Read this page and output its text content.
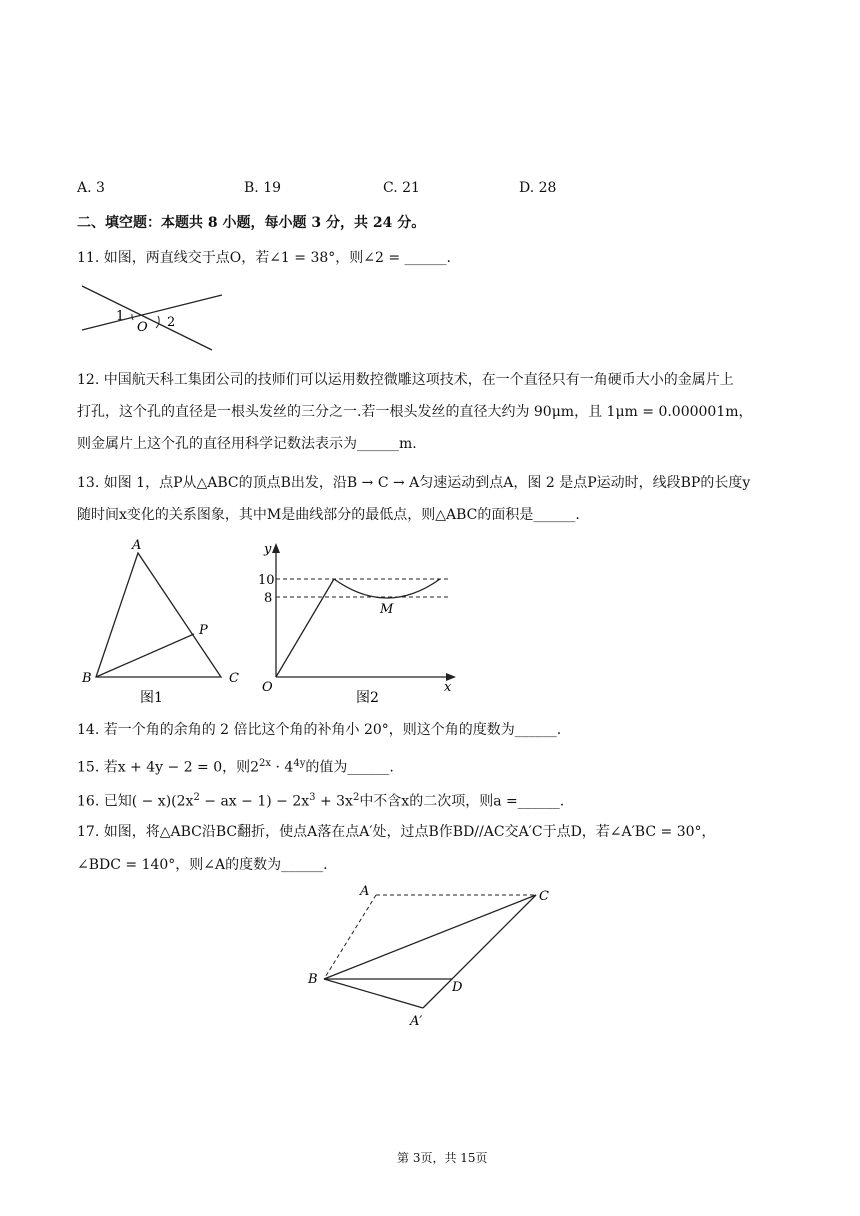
A. 3	B. 19	C. 21	D. 28
二、填空题：本题共 8 小题，每小题 3 分，共 24 分。
11. 如图，两直线交于点O，若∠1 = 38°，则∠2 = ______.
1
O 2
12. 中国航天科工集团公司的技师们可以运用数控微雕这项技术，在一个直径只有一角硬币大小的金属片上
打孔，这个孔的直径是一根头发丝的三分之一.若一根头发丝的直径大约为 90μm，且 1μm = 0.000001m，
则金属片上这个孔的直径用科学记数法表示为______m.
13. 如图 1，点P从△ABC的顶点B出发，沿B → C → A匀速运动到点A，图 2 是点P运动时，线段BP的长度y
随时间x变化的关系图象，其中M是曲线部分的最低点，则△ABC的面积是______.
A
B	C
P
图1
y
x
O
10
8
M
图2
14. 若一个角的余角的 2 倍比这个角的补角小 20°，则这个角的度数为______.
15. 若x + 4y − 2 = 0，则$2^{2x} \cdot 4^{4y}$的值为______.
16. 已知( − $x)(2x^2$ − ax − $1) - 2x^3 + 3x^2$中不含x的二次项，则a =______.
17. 如图，将△ABC沿BC翻折，使点A落在点A′处，过点B作BD//AC交A′C于点D，若∠A′BC = 30°，
∠BDC = 140°，则∠A的度数为______.
A	C
B
D
A′
第 3页，共 15页
